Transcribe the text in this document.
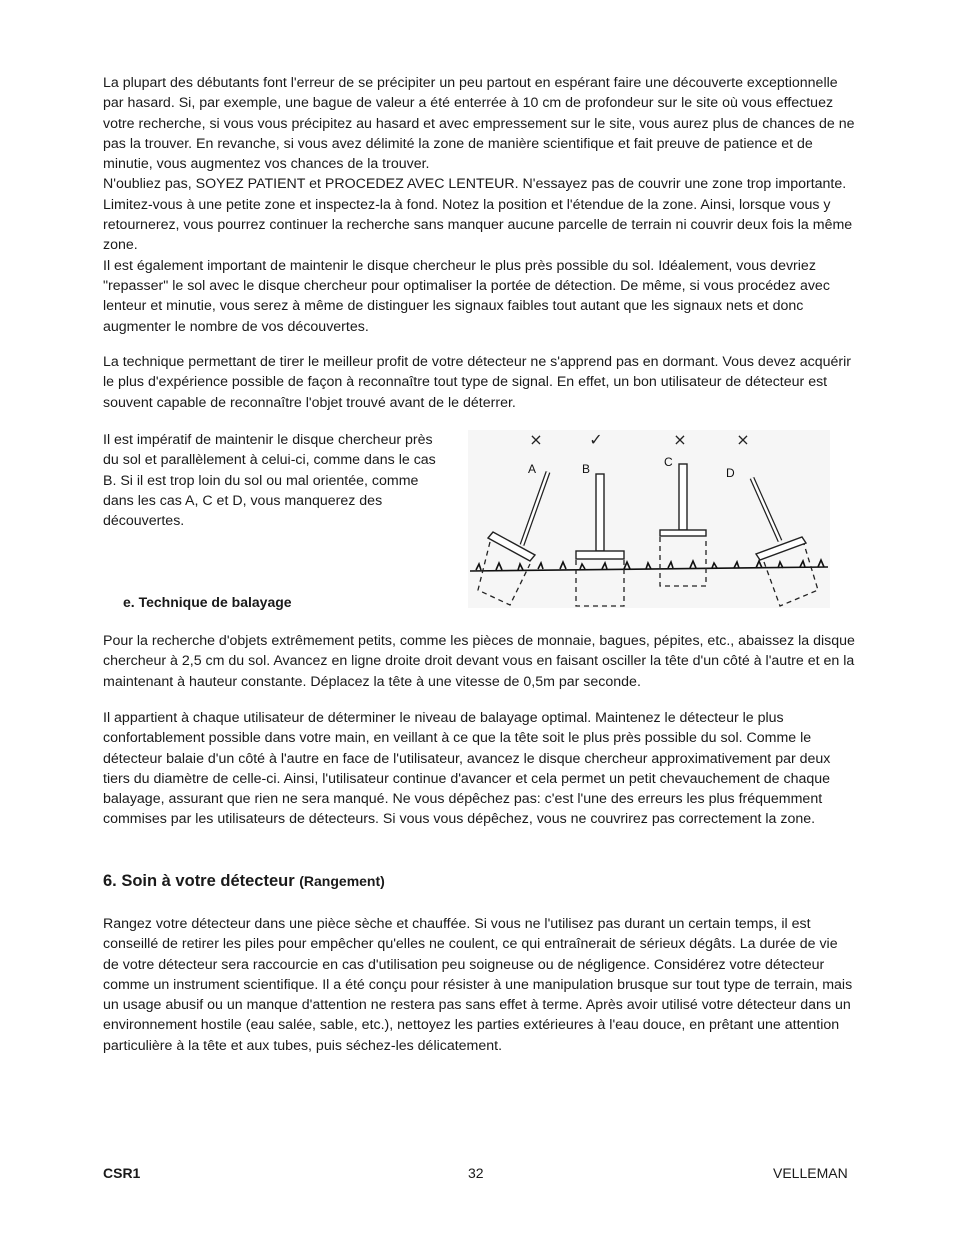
La plupart des débutants font l'erreur de se précipiter un peu partout en espérant faire une découverte exceptionnelle par hasard. Si, par exemple, une bague de valeur a été enterrée à 10 cm de profondeur sur le site où vous effectuez votre recherche, si vous vous précipitez au hasard et avec empressement sur le site, vous aurez plus de chances de ne pas la trouver. En revanche, si vous avez délimité la zone de manière scientifique et fait preuve de patience et de minutie, vous augmentez vos chances de la trouver.

N'oubliez pas, SOYEZ PATIENT et PROCEDEZ AVEC LENTEUR. N'essayez pas de couvrir une zone trop importante. Limitez-vous à une petite zone et inspectez-la à fond. Notez la position et l'étendue de la zone. Ainsi, lorsque vous y retournerez, vous pourrez continuer la recherche sans manquer aucune parcelle de terrain ni couvrir deux fois la même zone.

Il est également important de maintenir le disque chercheur le plus près possible du sol. Idéalement, vous devriez "repasser" le sol avec le disque chercheur pour optimaliser la portée de détection. De même, si vous procédez avec lenteur et minutie, vous serez à même de distinguer les signaux faibles tout autant que les signaux nets et donc augmenter le nombre de vos découvertes.

La technique permettant de tirer le meilleur profit de votre détecteur ne s'apprend pas en dormant. Vous devez acquérir le plus d'expérience possible de façon à reconnaître tout type de signal. En effet, un bon utilisateur de détecteur est souvent capable de reconnaître l'objet trouvé avant de le déterrer.
Il est impératif de maintenir le disque chercheur près du sol et parallèlement à celui-ci, comme dans le cas B. Si il est trop loin du sol ou mal orientée, comme dans les cas A, C et D, vous manquerez des découvertes.
×	✓	×	×
A	B	C
D
e. Technique de balayage
Pour la recherche d'objets extrêmement petits, comme les pièces de monnaie, bagues, pépites, etc., abaissez la disque chercheur à 2,5 cm du sol. Avancez en ligne droite droit devant vous en faisant osciller la tête d'un côté à l'autre et en la maintenant à hauteur constante. Déplacez la tête à une vitesse de 0,5m par seconde.
Il appartient à chaque utilisateur de déterminer le niveau de balayage optimal. Maintenez le détecteur le plus confortablement possible dans votre main, en veillant à ce que la tête soit le plus près possible du sol. Comme le détecteur balaie d'un côté à l'autre en face de l'utilisateur, avancez le disque chercheur approximativement par deux tiers du diamètre de celle-ci. Ainsi, l'utilisateur continue d'avancer et cela permet un petit chevauchement de chaque balayage, assurant que rien ne sera manqué. Ne vous dépêchez pas: c'est l'une des erreurs les plus fréquemment commises par les utilisateurs de détecteurs. Si vous vous dépêchez, vous ne couvrirez pas correctement la zone.
6. Soin à votre détecteur (Rangement)
Rangez votre détecteur dans une pièce sèche et chauffée. Si vous ne l'utilisez pas durant un certain temps, il est conseillé de retirer les piles pour empêcher qu'elles ne coulent, ce qui entraînerait de sérieux dégâts. La durée de vie de votre détecteur sera raccourcie en cas d'utilisation peu soigneuse ou de négligence. Considérez votre détecteur comme un instrument scientifique. Il a été conçu pour résister à une manipulation brusque sur tout type de terrain, mais un usage abusif ou un manque d'attention ne restera pas sans effet à terme. Après avoir utilisé votre détecteur dans un environnement hostile (eau salée, sable, etc.), nettoyez les parties extérieures à l'eau douce, en prêtant une attention particulière à la tête et aux tubes, puis séchez-les délicatement.
CSR1	32	VELLEMAN
